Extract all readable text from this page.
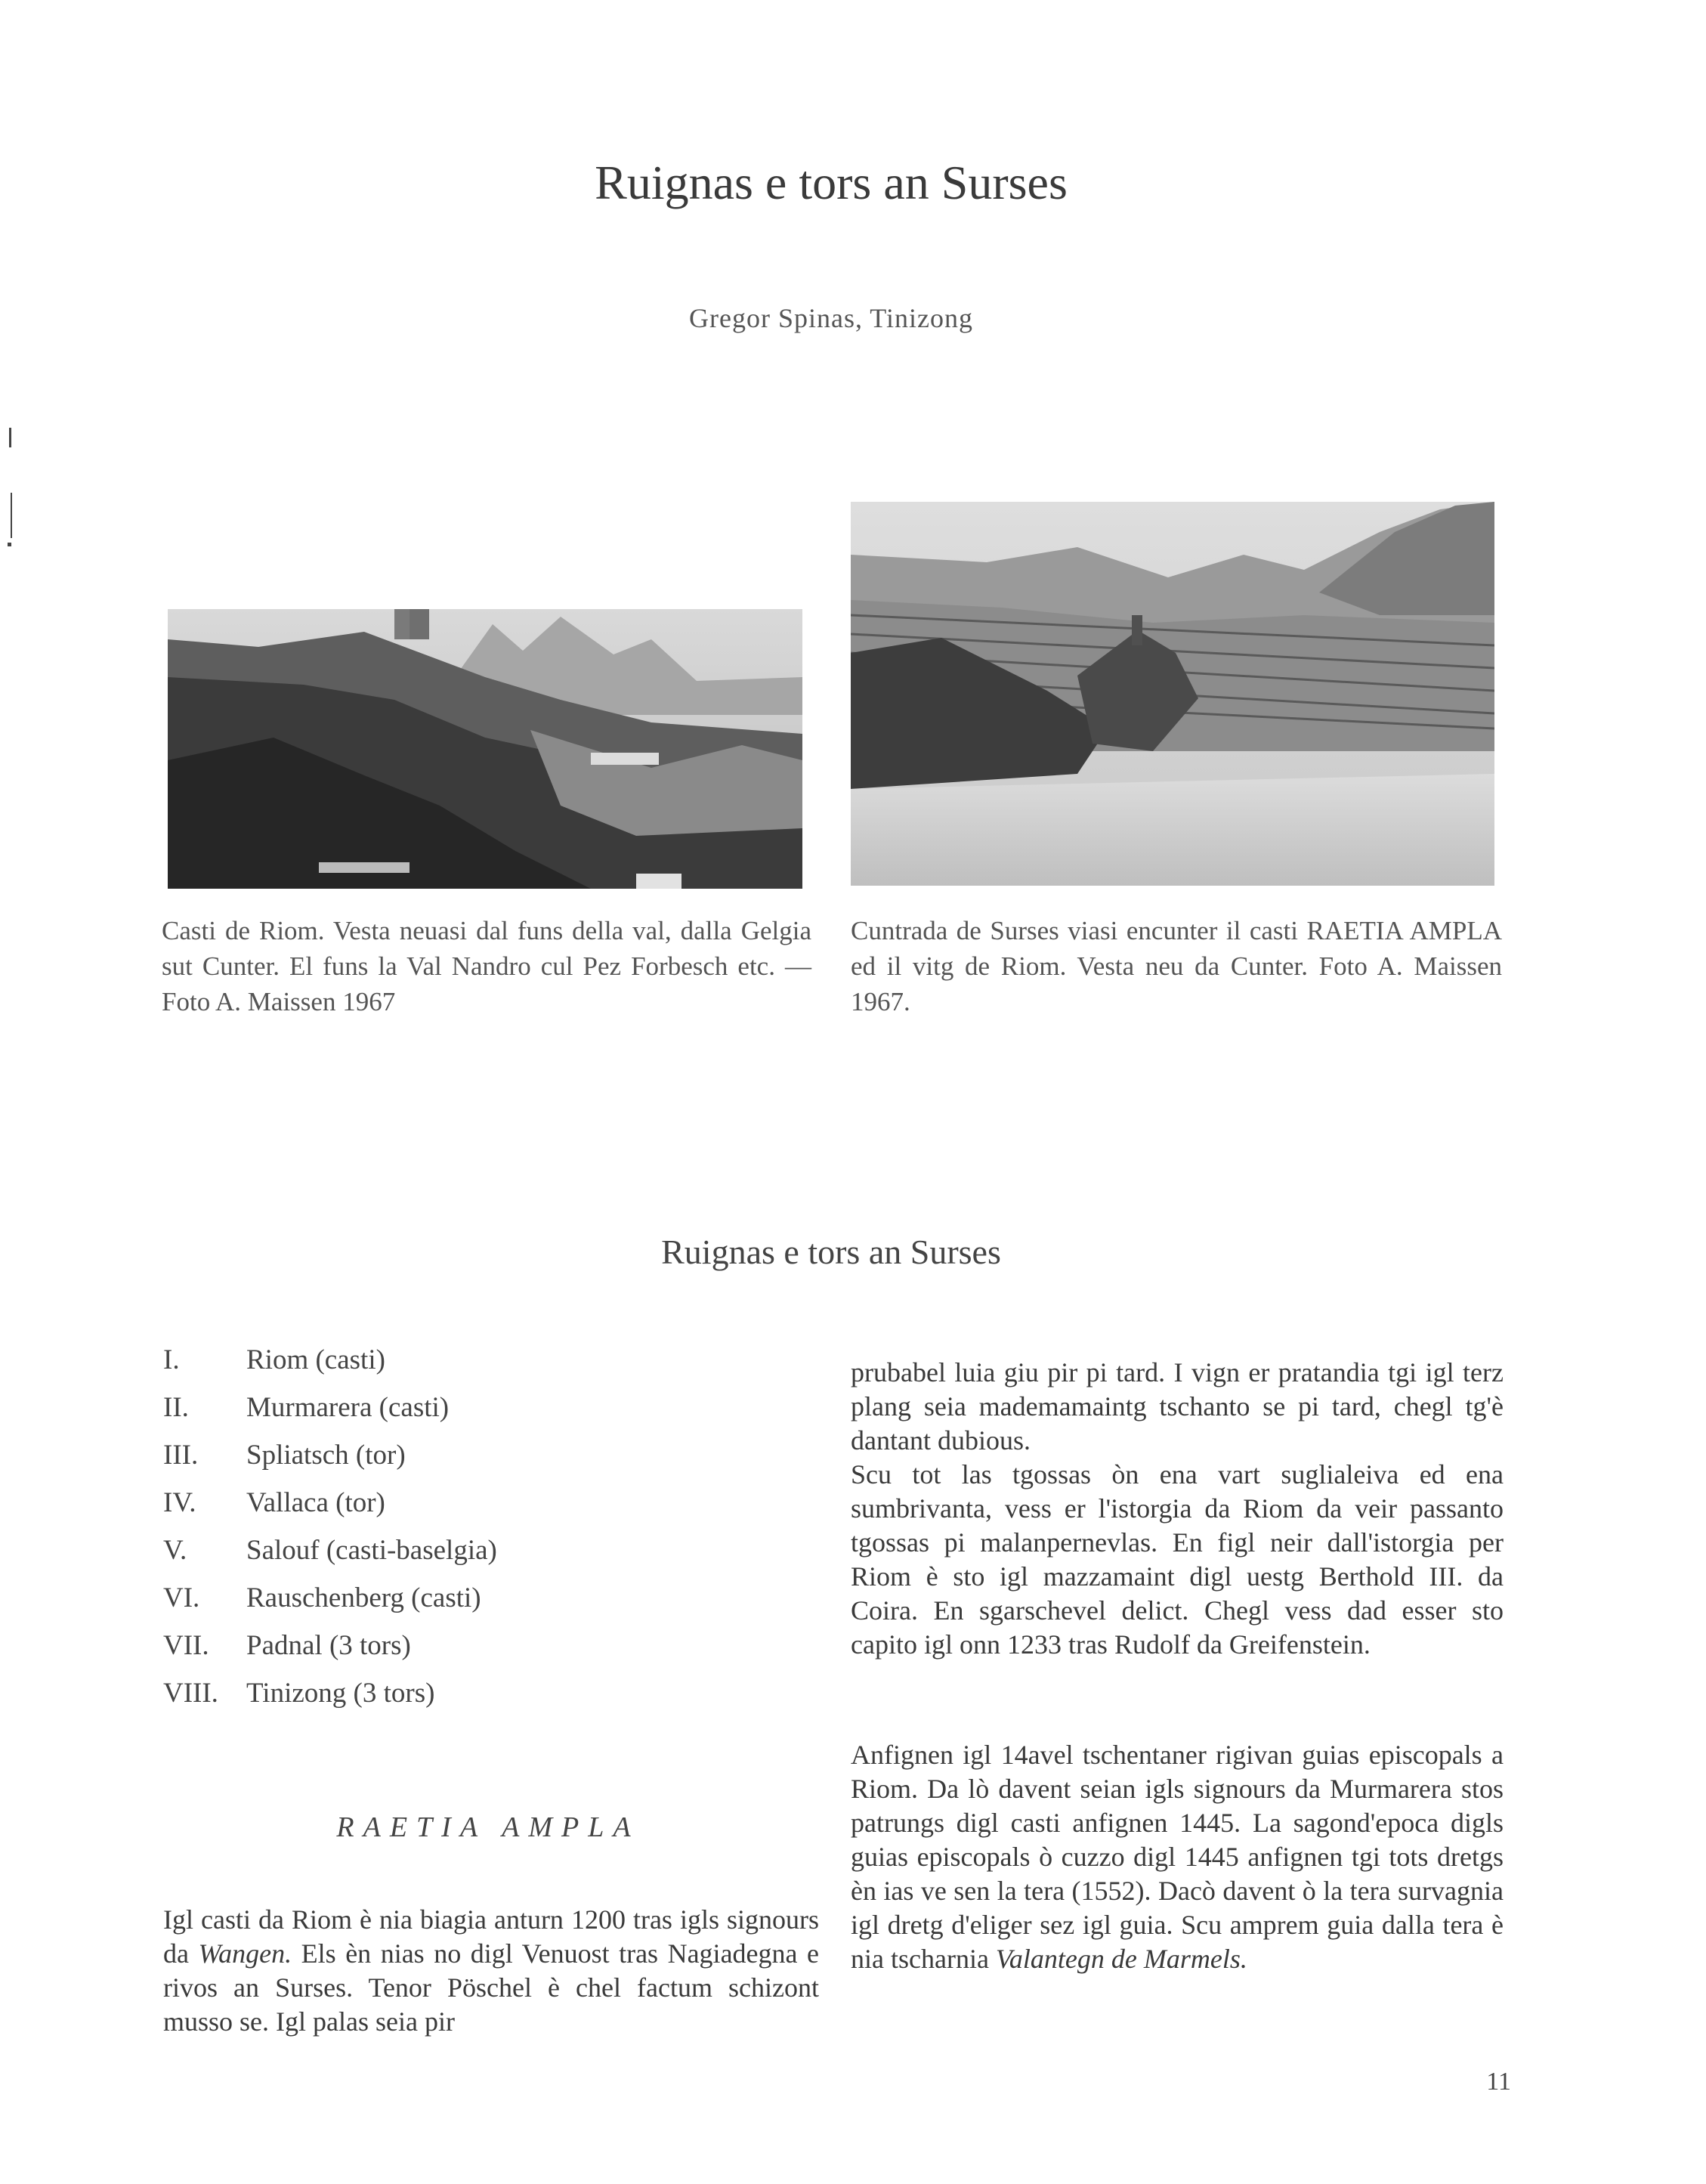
Ruignas e tors an Surses
Gregor Spinas, Tinizong
Casti de Riom. Vesta neuasi dal funs della val, dalla Gelgia sut Cunter. El funs la Val Nandro cul Pez Forbesch etc. — Foto A. Maissen 1967
Cuntrada de Surses viasi encunter il casti RAETIA AMPLA ed il vitg de Riom. Vesta neu da Cunter. Foto A. Maissen 1967.
Ruignas e tors an Surses
I. Riom (casti)
II. Murmarera (casti)
III. Spliatsch (tor)
IV. Vallaca (tor)
V. Salouf (casti-baselgia)
VI. Rauschenberg (casti)
VII. Padnal (3 tors)
VIII. Tinizong (3 tors)
RAETIA AMPLA
Igl casti da Riom è nia biagia anturn 1200 tras igls signours da Wangen. Els èn nias no digl Venuost tras Nagiadegna e rivos an Surses. Tenor Pöschel è chel factum schizont musso se. Igl palas seia pir
prubabel luia giu pir pi tard. I vign er pratandia tgi igl terz plang seia mademamaintg tschanto se pi tard, chegl tg'è dantant dubious.
Scu tot las tgossas òn ena vart suglialeiva ed ena sumbrivanta, vess er l'istorgia da Riom da veir passanto tgossas pi malanpernevlas. En figl neir dall'istorgia per Riom è sto igl mazzamaint digl uestg Berthold III. da Coira. En sgarschevel delict. Chegl vess dad esser sto capito igl onn 1233 tras Rudolf da Greifenstein.
Anfignen igl 14avel tschentaner rigivan guias episcopals a Riom. Da lò davent seian igls signours da Murmarera stos patrungs digl casti anfignen 1445. La sagond'epoca digls guias episcopals ò cuzzo digl 1445 anfignen tgi tots dretgs èn ias ve sen la tera (1552). Dacò davent ò la tera survagnia igl dretg d'eliger sez igl guia. Scu amprem guia dalla tera è nia tscharnia Valantegn de Marmels.
11
